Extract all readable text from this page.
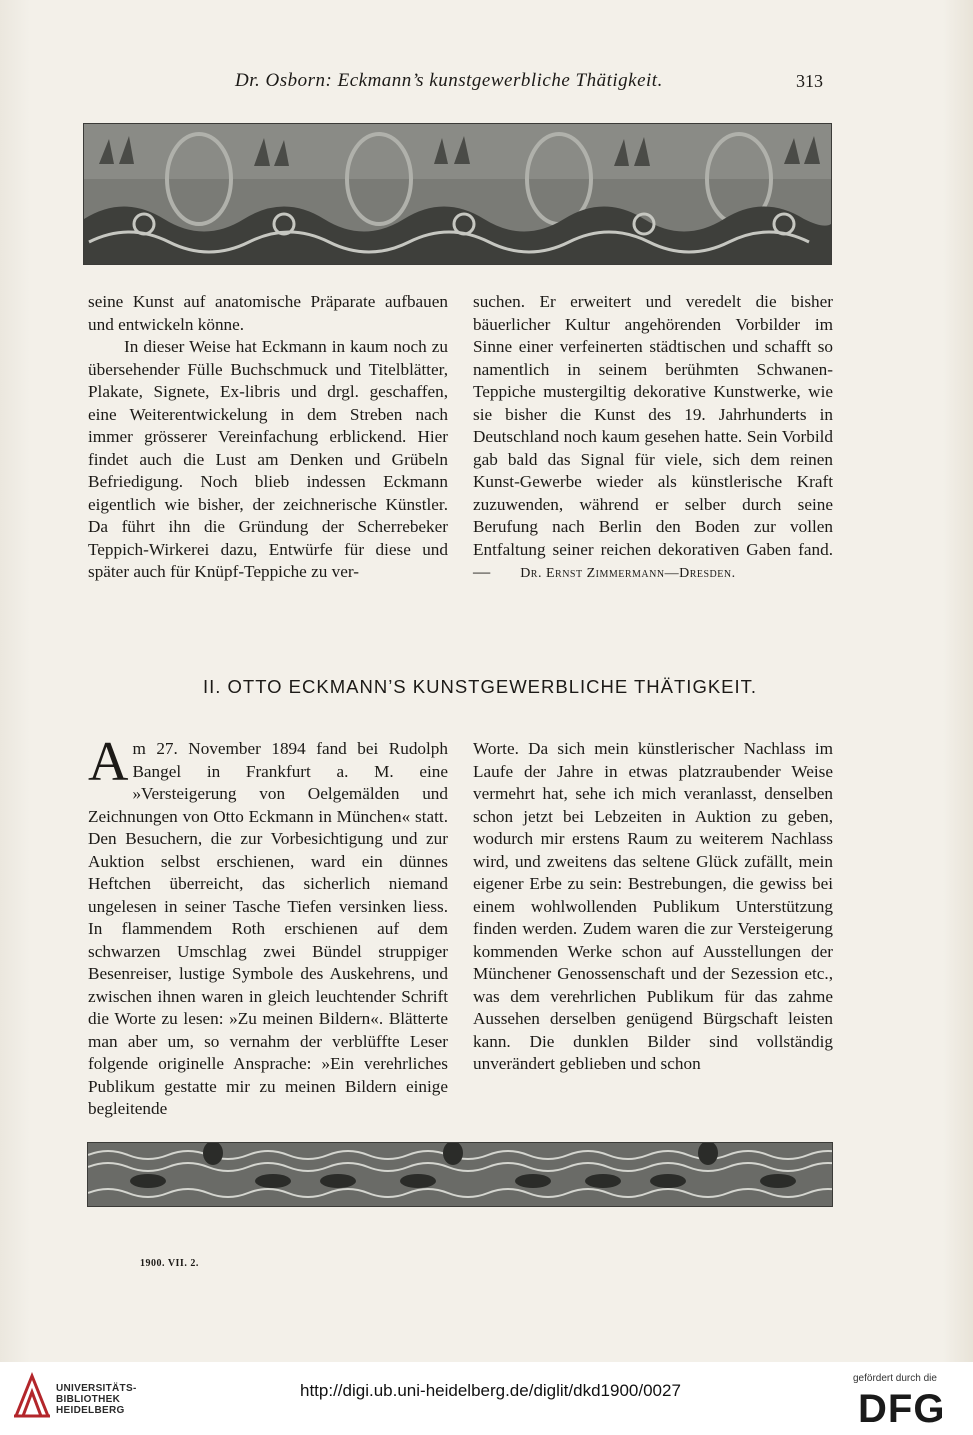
Dr. Osborn: Eckmann’s kunstgewerbliche Thätigkeit.	313

seine Kunst auf anatomische Präparate aufbauen und entwickeln könne.

In dieser Weise hat Eckmann in kaum noch zu übersehender Fülle Buchschmuck und Titelblätter, Plakate, Signete, Ex-libris und drgl. geschaffen, eine Weiterentwickelung in dem Streben nach immer grösserer Vereinfachung erblickend. Hier findet auch die Lust am Denken und Grübeln Befriedigung. Noch blieb indessen Eckmann eigentlich wie bisher, der zeichnerische Künstler. Da führt ihn die Gründung der Scherrebeker Teppich-Wirkerei dazu, Entwürfe für diese und später auch für Knüpf-Teppiche zu ver-

suchen. Er erweitert und veredelt die bisher bäuerlicher Kultur angehörenden Vorbilder im Sinne einer verfeinerten städtischen und schafft so namentlich in seinem berühmten Schwanen-Teppiche mustergiltig dekorative Kunstwerke, wie sie bisher die Kunst des 19. Jahrhunderts in Deutschland noch kaum gesehen hatte. Sein Vorbild gab bald das Signal für viele, sich dem reinen Kunst-Gewerbe wieder als künstlerische Kraft zuzuwenden, während er selber durch seine Berufung nach Berlin den Boden zur vollen Entfaltung seiner reichen dekorativen Gaben fand. — Dr. Ernst Zimmermann—Dresden.

II. OTTO ECKMANN’S KUNSTGEWERBLICHE THÄTIGKEIT.

Am 27. November 1894 fand bei Rudolph Bangel in Frankfurt a. M. eine »Versteigerung von Oelgemälden und Zeichnungen von Otto Eckmann in München« statt. Den Besuchern, die zur Vorbesichtigung und zur Auktion selbst erschienen, ward ein dünnes Heftchen überreicht, das sicherlich niemand ungelesen in seiner Tasche Tiefen versinken liess. In flammendem Roth erschienen auf dem schwarzen Umschlag zwei Bündel struppiger Besenreiser, lustige Symbole des Auskehrens, und zwischen ihnen waren in gleich leuchtender Schrift die Worte zu lesen: »Zu meinen Bildern«. Blätterte man aber um, so vernahm der verblüffte Leser folgende originelle Ansprache: »Ein verehrliches Publikum gestatte mir zu meinen Bildern einige begleitende

Worte. Da sich mein künstlerischer Nachlass im Laufe der Jahre in etwas platzraubender Weise vermehrt hat, sehe ich mich veranlasst, denselben schon jetzt bei Lebzeiten in Auktion zu geben, wodurch mir erstens Raum zu weiterem Nachlass wird, und zweitens das seltene Glück zufällt, mein eigener Erbe zu sein: Bestrebungen, die gewiss bei einem wohlwollenden Publikum Unterstützung finden werden. Zudem waren die zur Versteigerung kommenden Werke schon auf Ausstellungen der Münchener Genossenschaft und der Sezession etc., was dem verehrlichen Publikum für das zahme Aussehen derselben genügend Bürgschaft leisten kann. Die dunklen Bilder sind vollständig unverändert geblieben und schon

1900. VII. 2.
UNIVERSITÄTS-
BIBLIOTHEK
HEIDELBERG
http://digi.ub.uni-heidelberg.de/diglit/dkd1900/0027
gefördert durch die
DFG
